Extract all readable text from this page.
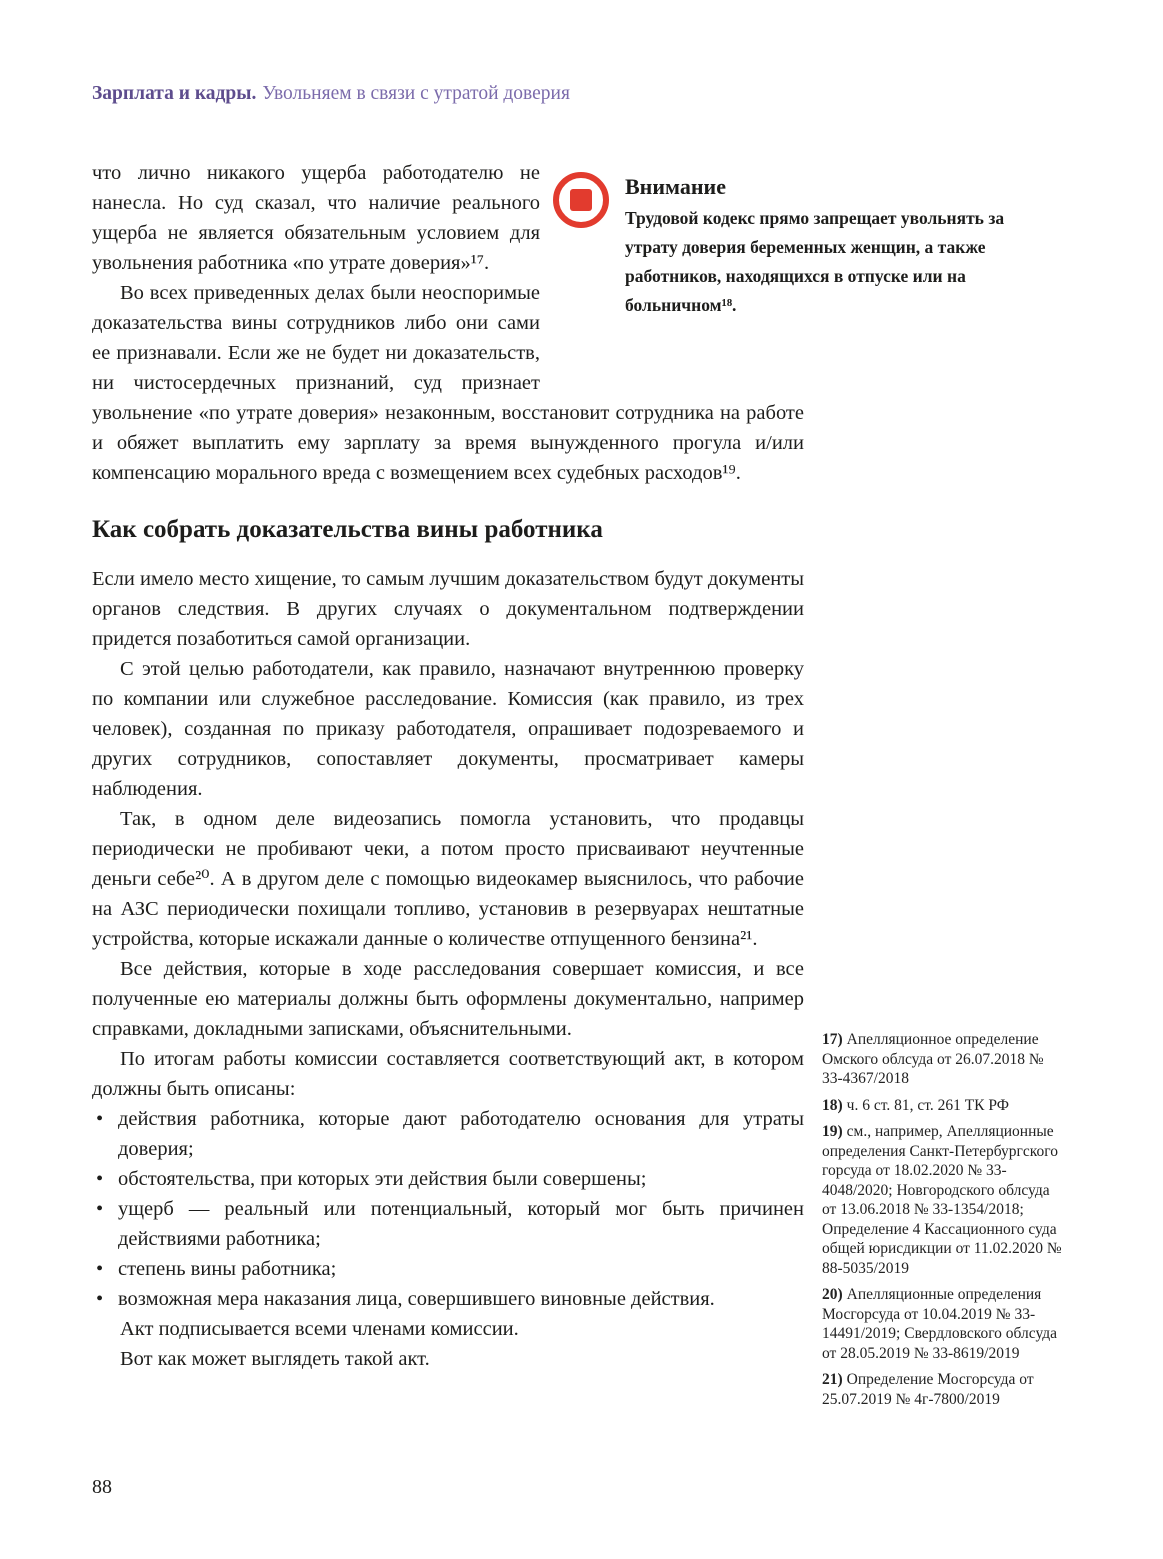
Зарплата и кадры. Увольняем в связи с утратой доверия
Внимание
Трудовой кодекс прямо запрещает увольнять за утрату доверия беременных женщин, а также работников, находящихся в отпуске или на больничном¹⁸.

что лично никакого ущерба работодателю не нанесла. Но суд сказал, что наличие реального ущерба не является обязательным условием для увольнения работника «по утрате доверия»¹⁷.

Во всех приведенных делах были неоспоримые доказательства вины сотрудников либо они сами ее признавали. Если же не будет ни доказательств, ни чистосердечных признаний, суд признает увольнение «по утрате доверия» незаконным, восстановит сотрудника на работе и обяжет выплатить ему зарплату за время вынужденного прогула и/или компенсацию морального вреда с возмещением всех судебных расходов¹⁹.

Как собрать доказательства вины работника

Если имело место хищение, то самым лучшим доказательством будут документы органов следствия. В других случаях о документальном подтверждении придется позаботиться самой организации.

С этой целью работодатели, как правило, назначают внутреннюю проверку по компании или служебное расследование. Комиссия (как правило, из трех человек), созданная по приказу работодателя, опрашивает подозреваемого и других сотрудников, сопоставляет документы, просматривает камеры наблюдения.

Так, в одном деле видеозапись помогла установить, что продавцы периодически не пробивают чеки, а потом просто присваивают неучтенные деньги себе²⁰. А в другом деле с помощью видеокамер выяснилось, что рабочие на АЗС периодически похищали топливо, установив в резервуарах нештатные устройства, которые искажали данные о количестве отпущенного бензина²¹.

Все действия, которые в ходе расследования совершает комиссия, и все полученные ею материалы должны быть оформлены документально, например справками, докладными записками, объяснительными.

По итогам работы комиссии составляется соответствующий акт, в котором должны быть описаны:

• действия работника, которые дают работодателю основания для утраты доверия;
• обстоятельства, при которых эти действия были совершены;
• ущерб — реальный или потенциальный, который мог быть причинен действиями работника;
• степень вины работника;
• возможная мера наказания лица, совершившего виновные действия.

Акт подписывается всеми членами комиссии.

Вот как может выглядеть такой акт.

17) Апелляционное определение Омского облсуда от 26.07.2018 № 33-4367/2018

18) ч. 6 ст. 81, ст. 261 ТК РФ

19) см., например, Апелляционные определения Санкт-Петербургского горсуда от 18.02.2020 № 33-4048/2020; Новгородского облсуда от 13.06.2018 № 33-1354/2018; Определение 4 Кассационного суда общей юрисдикции от 11.02.2020 № 88-5035/2019

20) Апелляционные определения Мосгорсуда от 10.04.2019 № 33-14491/2019; Свердловского облсуда от 28.05.2019 № 33-8619/2019

21) Определение Мосгорсуда от 25.07.2019 № 4г-7800/2019

88
